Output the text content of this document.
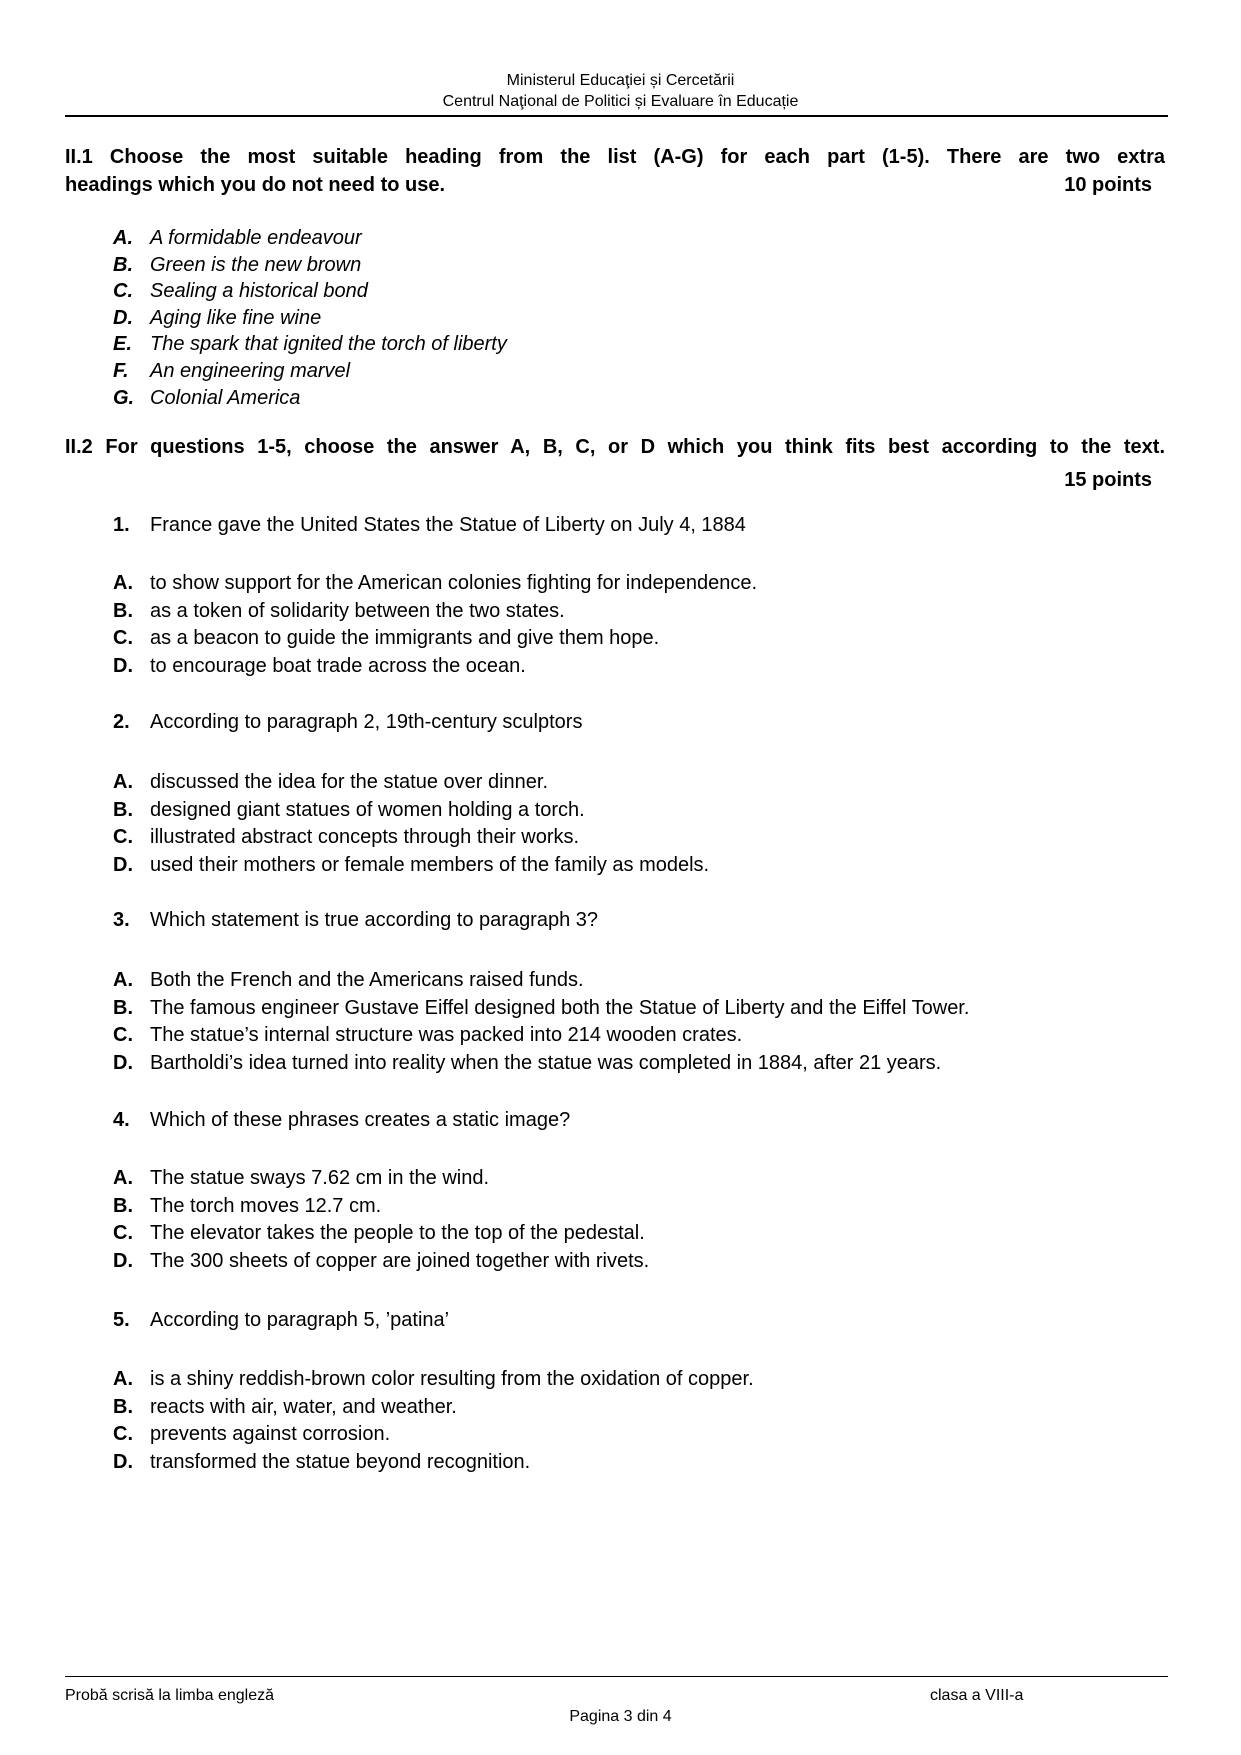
Ministerul Educaţiei și Cercetării
Centrul Naţional de Politici și Evaluare în Educație
II.1 Choose the most suitable heading from the list (A-G) for each part (1-5). There are two extra
headings which you do not need to use.	10 points
A. A formidable endeavour
B. Green is the new brown
C. Sealing a historical bond
D. Aging like fine wine
E. The spark that ignited the torch of liberty
F.	An engineering marvel
G. Colonial America
II.2 For questions 1-5, choose the answer A, B, C, or D which you think fits best according to the text.
15 points
1.	France gave the United States the Statue of Liberty on July 4, 1884
A. to show support for the American colonies fighting for independence.
B. as a token of solidarity between the two states.
C. as a beacon to guide the immigrants and give them hope.
D. to encourage boat trade across the ocean.
2.	According to paragraph 2, 19th-century sculptors
A. discussed the idea for the statue over dinner.
B. designed giant statues of women holding a torch.
C. illustrated abstract concepts through their works.
D. used their mothers or female members of the family as models.
3.	Which statement is true according to paragraph 3?
A. Both the French and the Americans raised funds.
B. The famous engineer Gustave Eiffel designed both the Statue of Liberty and the Eiffel Tower.
C. The statue’s internal structure was packed into 214 wooden crates.
D. Bartholdi’s idea turned into reality when the statue was completed in 1884, after 21 years.
4.	Which of these phrases creates a static image?
A. The statue sways 7.62 cm in the wind.
B. The torch moves 12.7 cm.
C. The elevator takes the people to the top of the pedestal.
D. The 300 sheets of copper are joined together with rivets.
5.	According to paragraph 5, ’patina’
A. is a shiny reddish-brown color resulting from the oxidation of copper.
B. reacts with air, water, and weather.
C. prevents against corrosion.
D. transformed the statue beyond recognition.
Probă scrisă la limba engleză	clasa a VIII-a
Pagina 3 din 4
